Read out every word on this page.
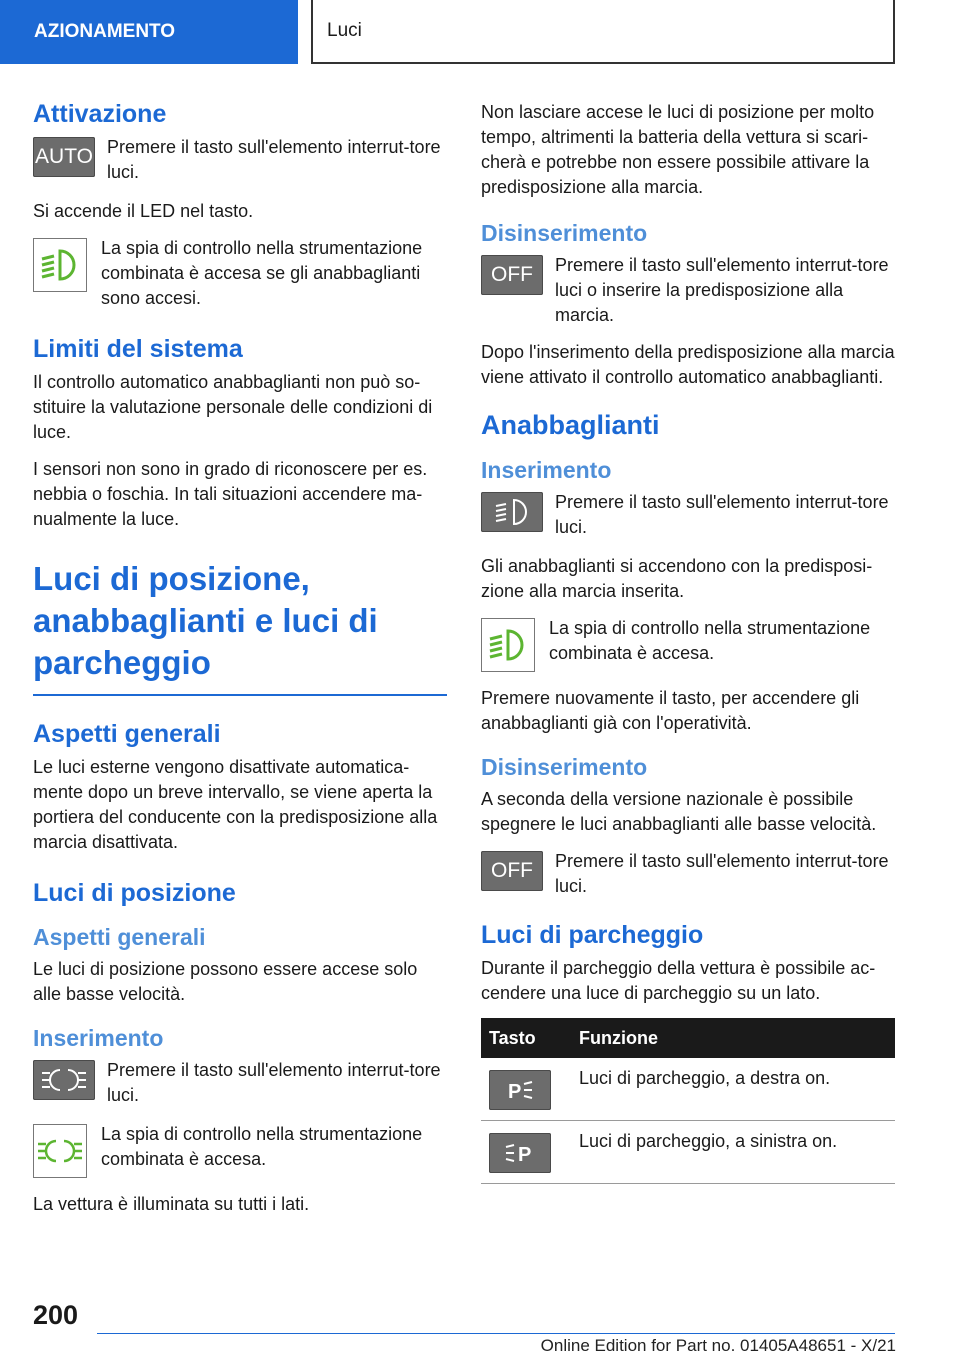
AZIONAMENTO	Luci
Attivazione
AUTO Premere il tasto sull'elemento interrut-tore luci.

Si accende il LED nel tasto.

La spia di controllo nella strumentazione combinata è accesa se gli anabbaglianti sono accesi.
Limiti del sistema

Il controllo automatico anabbaglianti non può so-stituire la valutazione personale delle condizioni di luce.

I sensori non sono in grado di riconoscere per es. nebbia o foschia. In tali situazioni accendere ma-nualmente la luce.

Luci di posizione,
anabbaglianti e luci di
parcheggio
Aspetti generali

Le luci esterne vengono disattivate automatica-mente dopo un breve intervallo, se viene aperta la portiera del conducente con la predisposizione alla marcia disattivata.

Luci di posizione
Aspetti generali

Le luci di posizione possono essere accese solo alle basse velocità.

Inserimento
Premere il tasto sull'elemento interrut-tore luci.
La spia di controllo nella strumentazione combinata è accesa.

La vettura è illuminata su tutti i lati.

Non lasciare accese le luci di posizione per molto tempo, altrimenti la batteria della vettura si scari-cherà e potrebbe non essere possibile attivare la predisposizione alla marcia.

Disinserimento
OFF	Premere il tasto sull'elemento interrut-tore luci o inserire la predisposizione alla marcia.

Dopo l'inserimento della predisposizione alla marcia viene attivato il controllo automatico anabbaglianti.

Anabbaglianti
Inserimento
Premere il tasto sull'elemento interrut-tore luci.

Gli anabbaglianti si accendono con la predisposi-zione alla marcia inserita.

La spia di controllo nella strumentazione combinata è accesa.

Premere nuovamente il tasto, per accendere gli anabbaglianti già con l'operatività.

Disinserimento

A seconda della versione nazionale è possibile spegnere le luci anabbaglianti alle basse velocità.

OFF	Premere il tasto sull'elemento interrut-tore luci.
Luci di parcheggio

Durante il parcheggio della vettura è possibile ac-cendere una luce di parcheggio su un lato.

Tasto	Funzione

P	Luci di parcheggio, a destra on.

P	Luci di parcheggio, a sinistra on.
200
Online Edition for Part no. 01405A48651 - X/21
